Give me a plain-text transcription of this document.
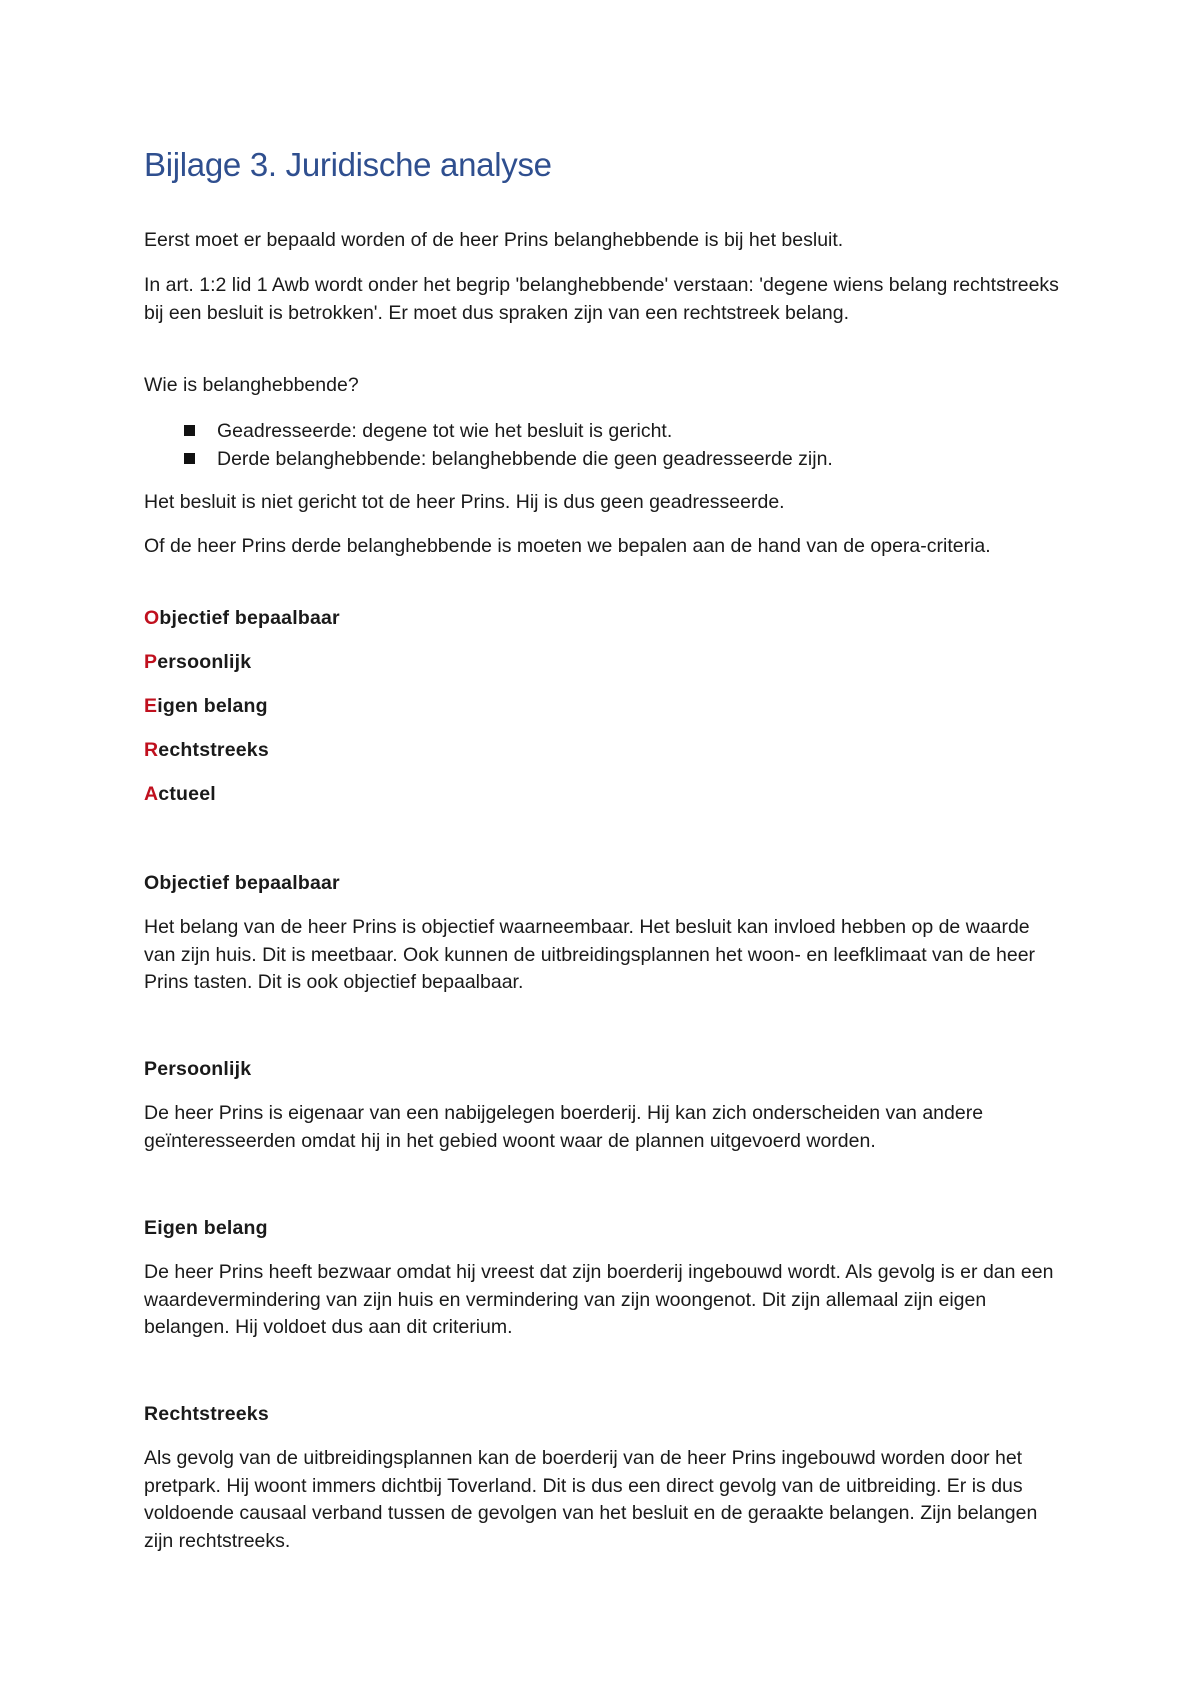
Bijlage 3. Juridische analyse

Eerst moet er bepaald worden of de heer Prins belanghebbende is bij het besluit.

In art. 1:2 lid 1 Awb wordt onder het begrip 'belanghebbende' verstaan: 'degene wiens belang rechtstreeks bij een besluit is betrokken'. Er moet dus spraken zijn van een rechtstreek belang.

Wie is belanghebbende?

Geadresseerde: degene tot wie het besluit is gericht.
Derde belanghebbende: belanghebbende die geen geadresseerde zijn.

Het besluit is niet gericht tot de heer Prins. Hij is dus geen geadresseerde.

Of de heer Prins derde belanghebbende is moeten we bepalen aan de hand van de opera-criteria.

Objectief bepaalbaar

Persoonlijk

Eigen belang

Rechtstreeks

Actueel

Objectief bepaalbaar

Het belang van de heer Prins is objectief waarneembaar. Het besluit kan invloed hebben op de waarde van zijn huis. Dit is meetbaar. Ook kunnen de uitbreidingsplannen het woon- en leefklimaat van de heer Prins tasten. Dit is ook objectief bepaalbaar.

Persoonlijk

De heer Prins is eigenaar van een nabijgelegen boerderij. Hij kan zich onderscheiden van andere geïnteresseerden omdat hij in het gebied woont waar de plannen uitgevoerd worden.

Eigen belang

De heer Prins heeft bezwaar omdat hij vreest dat zijn boerderij ingebouwd wordt. Als gevolg is er dan een waardevermindering van zijn huis en vermindering van zijn woongenot. Dit zijn allemaal zijn eigen belangen. Hij voldoet dus aan dit criterium.

Rechtstreeks

Als gevolg van de uitbreidingsplannen kan de boerderij van de heer Prins ingebouwd worden door het pretpark. Hij woont immers dichtbij Toverland. Dit is dus een direct gevolg van de uitbreiding. Er is dus voldoende causaal verband tussen de gevolgen van het besluit en de geraakte belangen. Zijn belangen zijn rechtstreeks.
